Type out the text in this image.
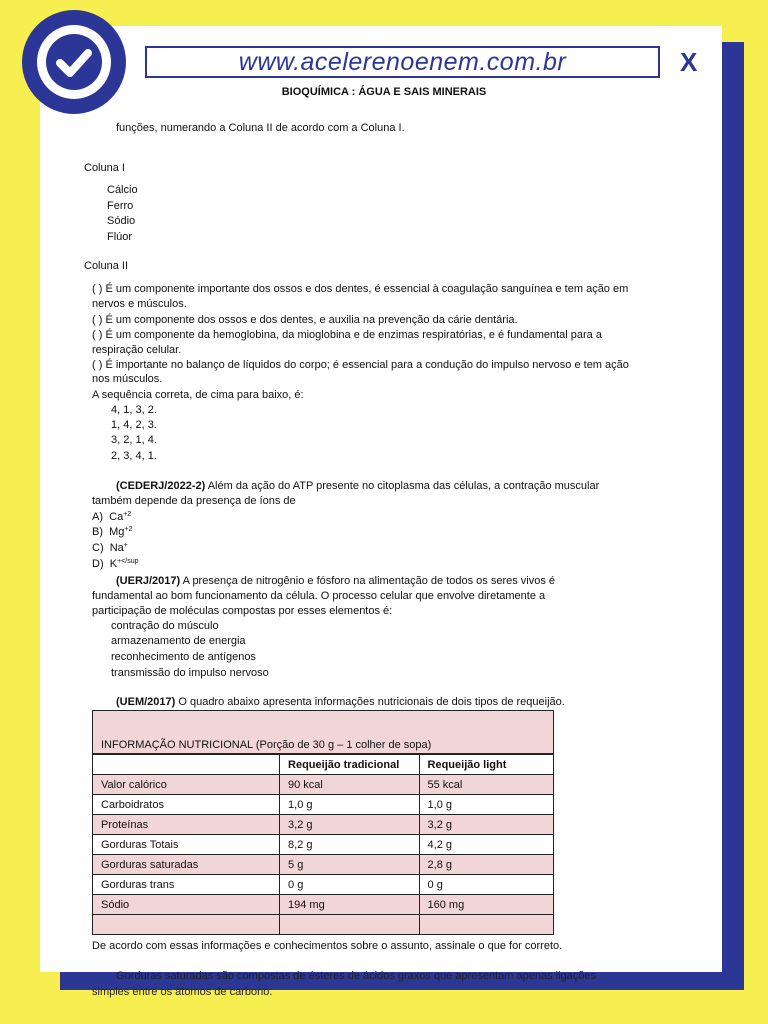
www.acelerenoenem.com.br	X
BIOQUÍMICA : ÁGUA E SAIS MINERAIS
funções, numerando a Coluna II de acordo com a Coluna I.
Coluna I
Cálcio
Ferro
Sódio
Flúor
Coluna II
( ) É um componente importante dos ossos e dos dentes, é essencial à coagulação sanguínea e tem ação em
nervos e músculos.
( ) É um componente dos ossos e dos dentes, e auxilia na prevenção da cárie dentária.
( ) É um componente da hemoglobina, da mioglobina e de enzimas respiratórias, e é fundamental para a
respiração celular.
( ) É importante no balanço de líquidos do corpo; é essencial para a condução do impulso nervoso e tem ação
nos músculos.
A sequência correta, de cima para baixo, é:
4, 1, 3, 2.
1, 4, 2, 3.
3, 2, 1, 4.
2, 3, 4, 1.
(CEDERJ/2022-2) Além da ação do ATP presente no citoplasma das células, a contração muscular
também depende da presença de íons de
A) $Ca^{+2}$
B) $Mg^{+2}$
C) Na+
D) $K^{+</sup}$
(UERJ/2017) A presença de nitrogênio e fósforo na alimentação de todos os seres vivos é
fundamental ao bom funcionamento da célula. O processo celular que envolve diretamente a
participação de moléculas compostas por esses elementos é:
contração do músculo
armazenamento de energia
reconhecimento de antígenos
transmissão do impulso nervoso
(UEM/2017) O quadro abaixo apresenta informações nutricionais de dois tipos de requeijão.
INFORMAÇÃO NUTRICIONAL (Porção de 30 g – 1 colher de sopa)		
	Requeijão tradicional	Requeijão light
Valor calórico	90 kcal	55 kcal
Carboidratos	1,0 g	1,0 g
Proteínas	3,2 g	3,2 g
Gorduras Totais	8,2 g	4,2 g
Gorduras saturadas	5 g	2,8 g
Gorduras trans	0 g	0 g
Sódio	194 mg	160 mg

De acordo com essas informações e conhecimentos sobre o assunto, assinale o que for correto.
Gorduras saturadas são compostas de ésteres de ácidos graxos que apresentam apenas ligações
simples entre os átomos de carbono.
